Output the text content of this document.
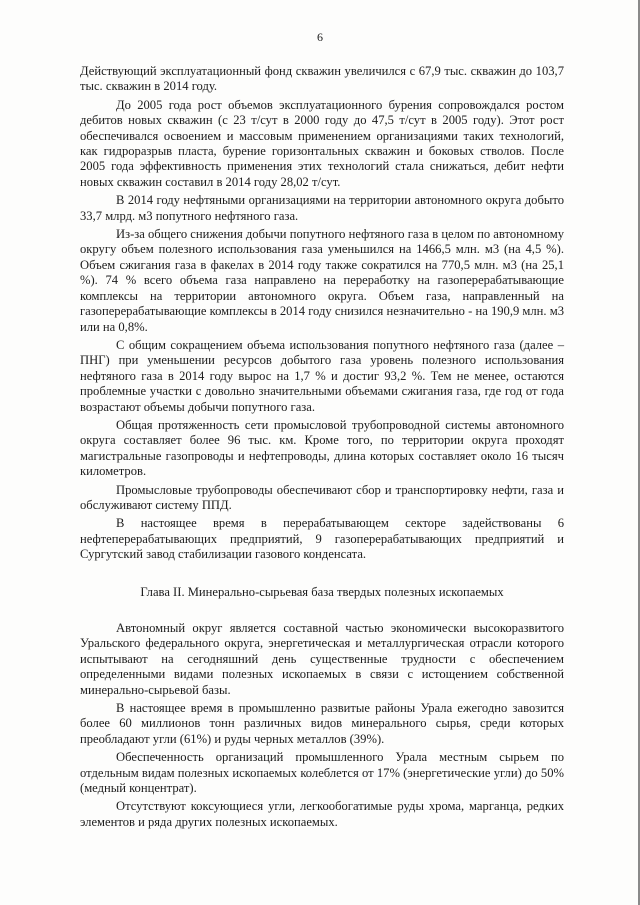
6

Действующий эксплуатационный фонд скважин увеличился с 67,9 тыс. скважин до 103,7 тыс. скважин в 2014 году.

До 2005 года рост объемов эксплуатационного бурения сопровождался ростом дебитов новых скважин (с 23 т/сут в 2000 году до 47,5 т/сут в 2005 году). Этот рост обеспечивался освоением и массовым применением организациями таких технологий, как гидроразрыв пласта, бурение горизонтальных скважин и боковых стволов. После 2005 года эффективность применения этих технологий стала снижаться, дебит нефти новых скважин составил в 2014 году 28,02 т/сут.

В 2014 году нефтяными организациями на территории автономного округа добыто 33,7 млрд. м3 попутного нефтяного газа.

Из-за общего снижения добычи попутного нефтяного газа в целом по автономному округу объем полезного использования газа уменьшился на 1466,5 млн. м3 (на 4,5 %). Объем сжигания газа в факелах в 2014 году также сократился на 770,5 млн. м3 (на 25,1 %). 74 % всего объема газа направлено на переработку на газоперерабатывающие комплексы на территории автономного округа. Объем газа, направленный на газоперерабатывающие комплексы в 2014 году снизился незначительно - на 190,9 млн. м3 или на 0,8%.

С общим сокращением объема использования попутного нефтяного газа (далее – ПНГ) при уменьшении ресурсов добытого газа уровень полезного использования нефтяного газа в 2014 году вырос на 1,7 % и достиг 93,2 %. Тем не менее, остаются проблемные участки с довольно значительными объемами сжигания газа, где год от года возрастают объемы добычи попутного газа.

Общая протяженность сети промысловой трубопроводной системы автономного округа составляет более 96 тыс. км. Кроме того, по территории округа проходят магистральные газопроводы и нефтепроводы, длина которых составляет около 16 тысяч километров.

Промысловые трубопроводы обеспечивают сбор и транспортировку нефти, газа и обслуживают систему ППД.

В настоящее время в перерабатывающем секторе задействованы 6 нефтеперерабатывающих предприятий, 9 газоперерабатывающих предприятий и Сургутский завод стабилизации газового конденсата.

Глава II. Минерально-сырьевая база твердых полезных ископаемых

Автономный округ является составной частью экономически высокоразвитого Уральского федерального округа, энергетическая и металлургическая отрасли которого испытывают на сегодняшний день существенные трудности с обеспечением определенными видами полезных ископаемых в связи с истощением собственной минерально-сырьевой базы.

В настоящее время в промышленно развитые районы Урала ежегодно завозится более 60 миллионов тонн различных видов минерального сырья, среди которых преобладают угли (61%) и руды черных металлов (39%).

Обеспеченность организаций промышленного Урала местным сырьем по отдельным видам полезных ископаемых колеблется от 17% (энергетические угли) до 50% (медный концентрат).

Отсутствуют коксующиеся угли, легкообогатимые руды хрома, марганца, редких элементов и ряда других полезных ископаемых.
